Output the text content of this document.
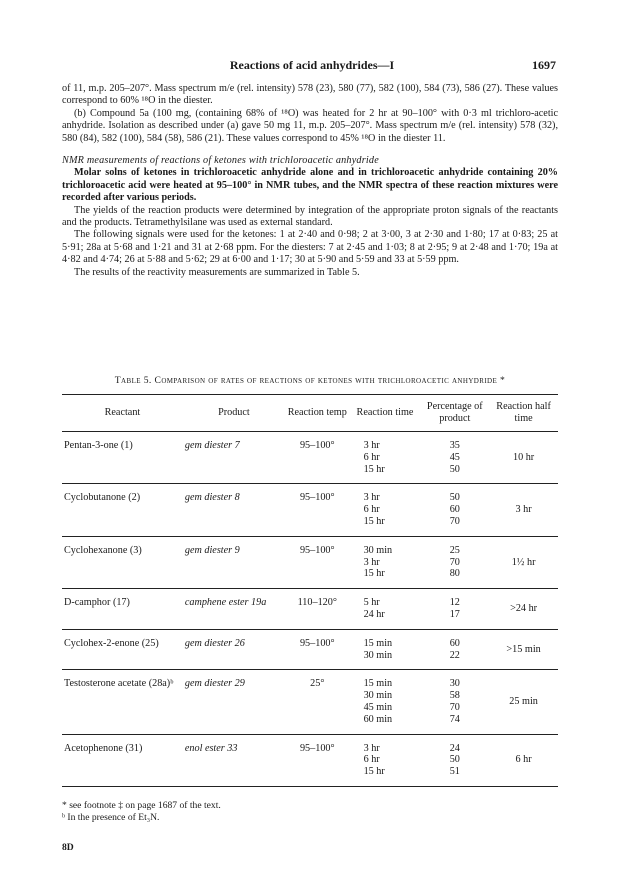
Reactions of acid anhydrides—I	1697

of 11, m.p. 205–207°. Mass spectrum m/e (rel. intensity) 578 (23), 580 (77), 582 (100), 584 (73), 586 (27). These values correspond to 60% ¹⁸O in the diester.

(b) Compound 5a (100 mg, (containing 68% of ¹⁸O) was heated for 2 hr at 90–100° with 0·3 ml trichloro-acetic anhydride. Isolation as described under (a) gave 50 mg 11, m.p. 205–207°. Mass spectrum m/e (rel. intensity) 578 (32), 580 (84), 582 (100), 584 (58), 586 (21). These values correspond to 45% ¹⁸O in the diester 11.

NMR measurements of reactions of ketones with trichloroacetic anhydride

Molar solns of ketones in trichloroacetic anhydride alone and in trichloroacetic anhydride containing 20% trichloroacetic acid were heated at 95–100° in NMR tubes, and the NMR spectra of these reaction mixtures were recorded after various periods.

The yields of the reaction products were determined by integration of the appropriate proton signals of the reactants and the products. Tetramethylsilane was used as external standard.

The following signals were used for the ketones: 1 at 2·40 and 0·98; 2 at 3·00, 3 at 2·30 and 1·80; 17 at 0·83; 25 at 5·91; 28a at 5·68 and 1·21 and 31 at 2·68 ppm. For the diesters: 7 at 2·45 and 1·03; 8 at 2·95; 9 at 2·48 and 1·70; 19a at 4·82 and 4·74; 26 at 5·88 and 5·62; 29 at 6·00 and 1·17; 30 at 5·90 and 5·59 and 33 at 5·59 ppm.

The results of the reactivity measurements are summarized in Table 5.

Table 5. Comparison of rates of reactions of ketones with trichloroacetic anhydride *
Reactant	Product	Reaction temp	Reaction time	Percentage of product	Reaction half time
Pentan-3-one (1)	gem diester 7	95–100°	3 hr
6 hr
15 hr	35
45
50	10 hr
Cyclobutanone (2)	gem diester 8	95–100°	3 hr
6 hr
15 hr	50
60
70	3 hr
Cyclohexanone (3)	gem diester 9	95–100°	30 min
3 hr
15 hr	25
70
80	1½ hr
D-camphor (17)	camphene ester 19a	110–120°	5 hr
24 hr	12
17	>24 hr
Cyclohex-2-enone (25)	gem diester 26	95–100°	15 min
30 min	60
22	>15 min
Testosterone acetate (28a)ᵇ	gem diester 29	25°	15 min
30 min
45 min
60 min	30
58
70
74	25 min
Acetophenone (31)	enol ester 33	95–100°	3 hr
6 hr
15 hr	24
50
51	6 hr
* see footnote ‡ on page 1687 of the text.
ᵇ In the presence of Et₃N.
8D
